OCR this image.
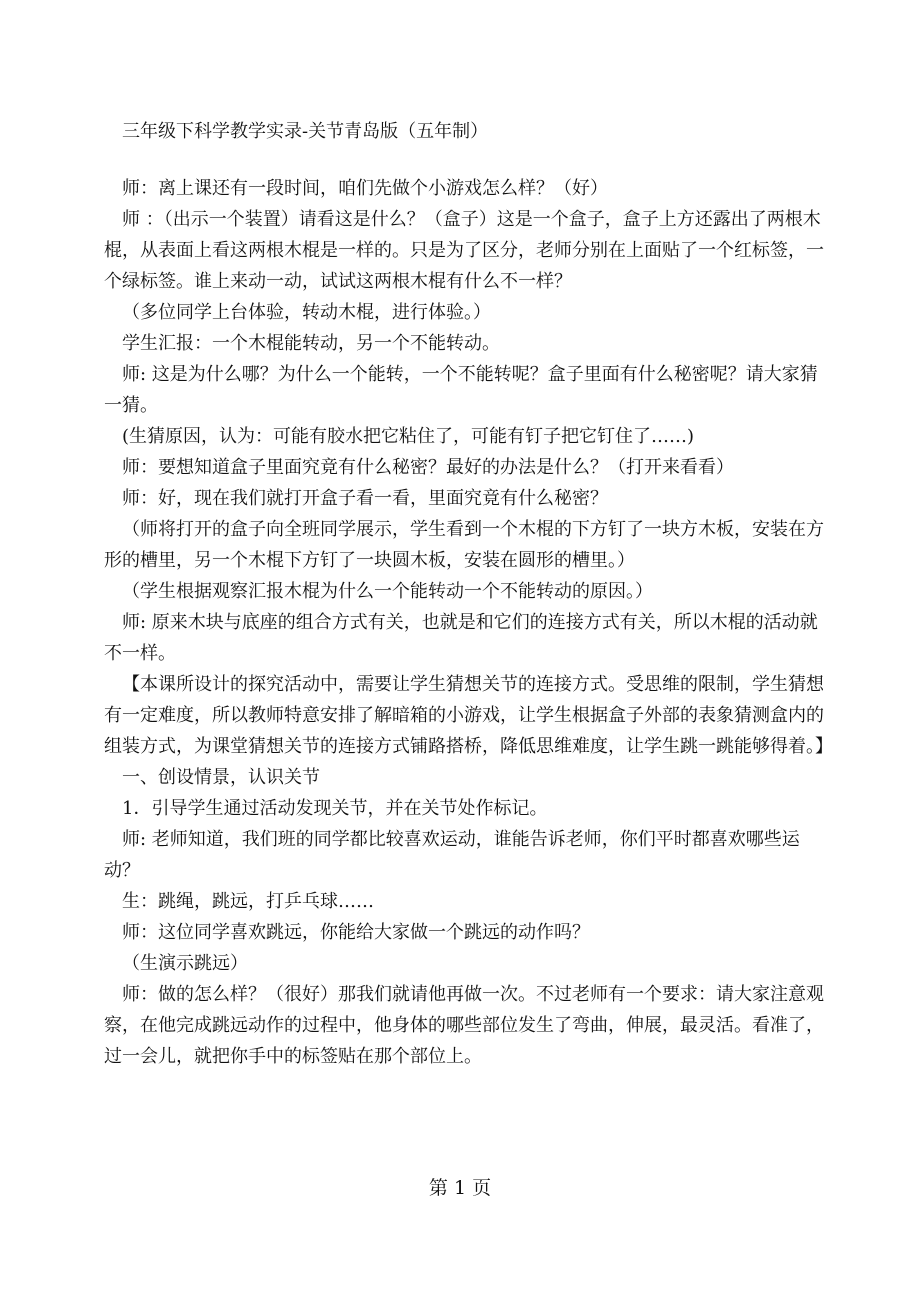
三年级下科学教学实录-关节青岛版（五年制）

师：离上课还有一段时间，咱们先做个小游戏怎么样？（好）

师 ：（出示一个装置）请看这是什么？（盒子）这是一个盒子，盒子上方还露出了两根木棍，从表面上看这两根木棍是一样的。只是为了区分，老师分别在上面贴了一个红标签，一个绿标签。谁上来动一动，试试这两根木棍有什么不一样？

（多位同学上台体验，转动木棍，进行体验。）

学生汇报：一个木棍能转动，另一个不能转动。

师: 这是为什么哪？为什么一个能转，一个不能转呢？盒子里面有什么秘密呢？请大家猜一猜。

(生猜原因，认为：可能有胶水把它粘住了，可能有钉子把它钉住了……)

师：要想知道盒子里面究竟有什么秘密？最好的办法是什么？（打开来看看）

师：好，现在我们就打开盒子看一看，里面究竟有什么秘密？

（师将打开的盒子向全班同学展示，学生看到一个木棍的下方钉了一块方木板，安装在方形的槽里，另一个木棍下方钉了一块圆木板，安装在圆形的槽里。）

（学生根据观察汇报木棍为什么一个能转动一个不能转动的原因。）

师: 原来木块与底座的组合方式有关，也就是和它们的连接方式有关，所以木棍的活动就不一样。

【本课所设计的探究活动中，需要让学生猜想关节的连接方式。受思维的限制，学生猜想有一定难度，所以教师特意安排了解暗箱的小游戏，让学生根据盒子外部的表象猜测盒内的组装方式，为课堂猜想关节的连接方式铺路搭桥，降低思维难度，让学生跳一跳能够得着。】

一、创设情景，认识关节

1．引导学生通过活动发现关节，并在关节处作标记。

师: 老师知道，我们班的同学都比较喜欢运动，谁能告诉老师，你们平时都喜欢哪些运动？

生：跳绳，跳远，打乒乓球……

师：这位同学喜欢跳远，你能给大家做一个跳远的动作吗？

（生演示跳远）

师：做的怎么样？（很好）那我们就请他再做一次。不过老师有一个要求：请大家注意观察，在他完成跳远动作的过程中，他身体的哪些部位发生了弯曲，伸展，最灵活。看准了，过一会儿，就把你手中的标签贴在那个部位上。

第 1 页
